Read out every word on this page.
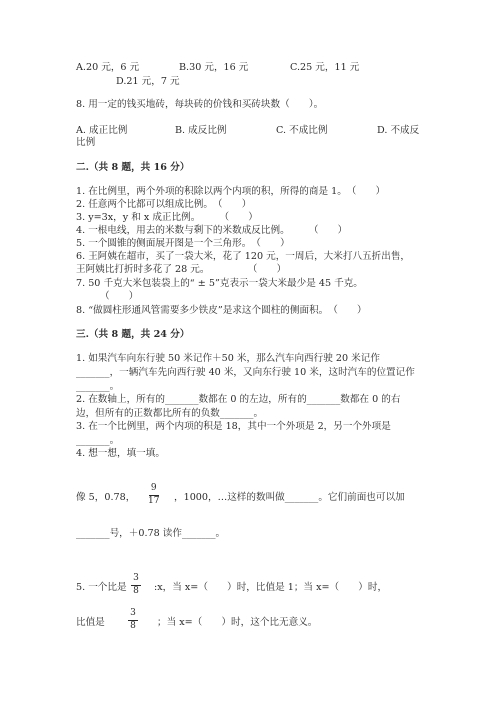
A.20 元，6 元	B.30 元，16 元	C.25 元，11 元
D.21 元，7 元
8. 用一定的钱买地砖，每块砖的价钱和买砖块数（　　）。
A. 成正比例	B. 成反比例	C. 不成比例	D. 不成反
比例
二.（共 8 题，共 16 分）
1. 在比例里，两个外项的积除以两个内项的积，所得的商是 1。　（　　）
2. 任意两个比都可以组成比例。　（　　）
3. y=3x，y 和 x 成正比例。　　　（　　）
4. 一根电线，用去的米数与剩下的米数成反比例。　　　（　　）
5. 一个圆锥的侧面展开图是一个三角形。　（　　）
6. 王阿姨在超市，买了一袋大米，花了 120 元，一周后，大米打八五折出售，
王阿姨比打折时多花了 28 元。　　　　　（　　）
7. 50 千克大米包装袋上的“ ± 5”克表示一袋大米最少是 45 千克。
　　　（　　）
8. “做圆柱形通风管需要多少铁皮”是求这个圆柱的侧面积。　（　　）
三.（共 8 题，共 24 分）
1. 如果汽车向东行驶 50 米记作＋50 米，那么汽车向西行驶 20 米记作
_______，一辆汽车先向西行驶 40 米，又向东行驶 10 米，这时汽车的位置记作
_______。
2. 在数轴上，所有的_______数都在 0 的左边，所有的_______数都在 0 的右
边，但所有的正数都比所有的负数_______。
3. 在一个比例里，两个内项的积是 18，其中一个外项是 2，另一个外项是
_______。
4. 想一想，填一填。
像 5，0.78，
9
17 ，1000，…这样的数叫做_______。它们前面也可以加
_______号，＋0.78 读作_______。
5. 一个比是
3
8 :x，当 x=（　　）时，比值是 1；当 x=（　　）时，
比值是
3
8 ；当 x=（　　）时，这个比无意义。
